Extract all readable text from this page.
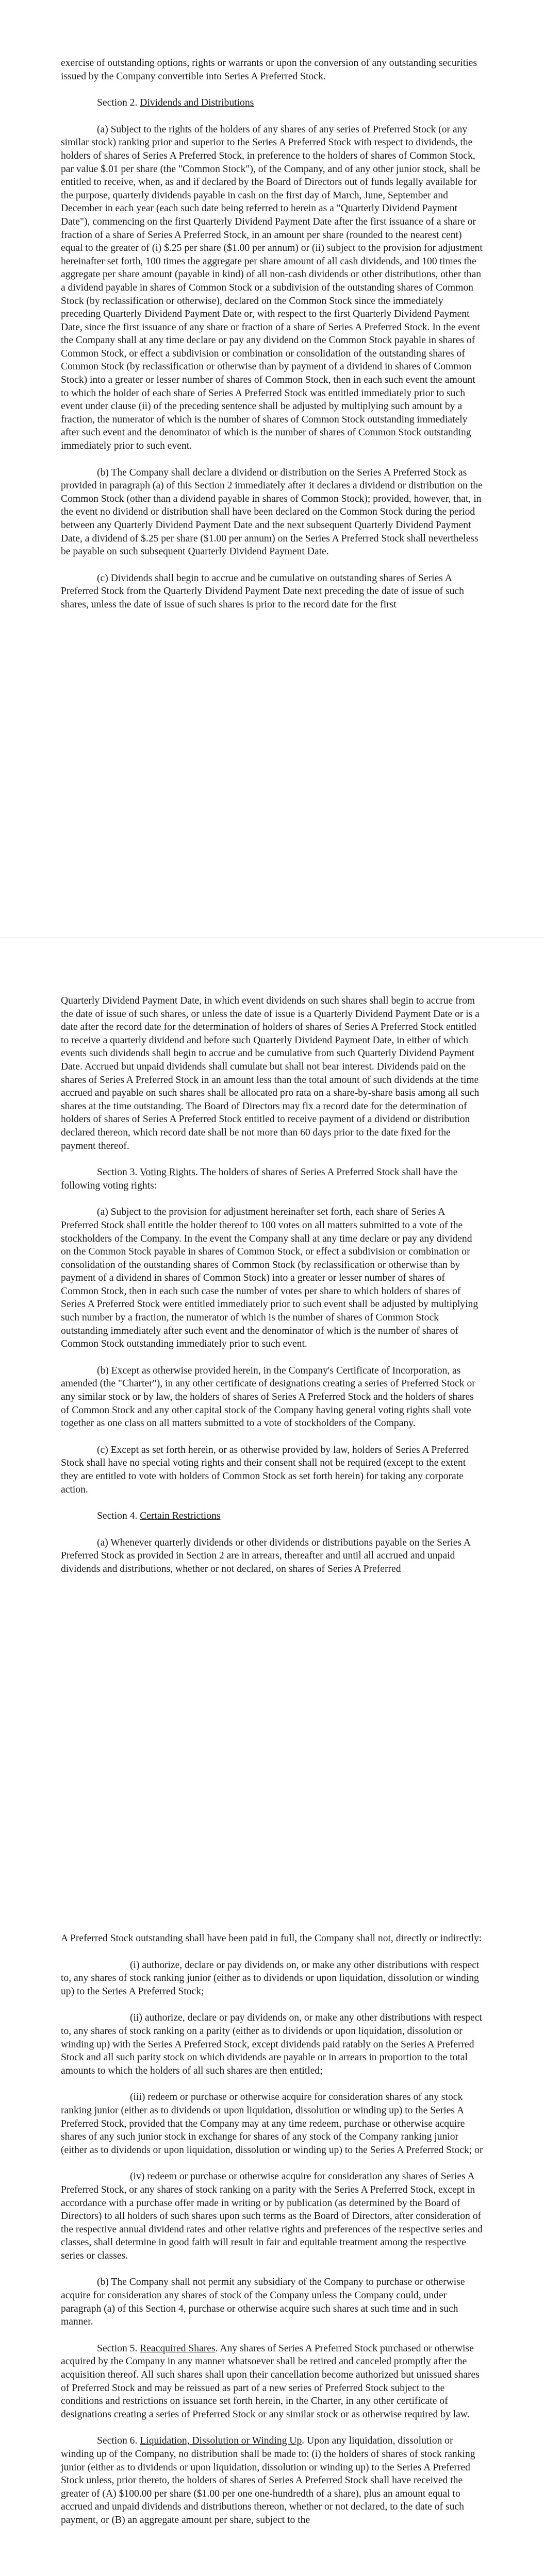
exercise of outstanding options, rights or warrants or upon the conversion of any outstanding securities issued by the Company convertible into Series A Preferred Stock.

Section 2. Dividends and Distributions

(a) Subject to the rights of the holders of any shares of any series of Preferred Stock (or any similar stock) ranking prior and superior to the Series A Preferred Stock with respect to dividends, the holders of shares of Series A Preferred Stock, in preference to the holders of shares of Common Stock, par value $.01 per share (the "Common Stock"), of the Company, and of any other junior stock, shall be entitled to receive, when, as and if declared by the Board of Directors out of funds legally available for the purpose, quarterly dividends payable in cash on the first day of March, June, September and December in each year (each such date being referred to herein as a "Quarterly Dividend Payment Date"), commencing on the first Quarterly Dividend Payment Date after the first issuance of a share or fraction of a share of Series A Preferred Stock, in an amount per share (rounded to the nearest cent) equal to the greater of (i) $.25 per share ($1.00 per annum) or (ii) subject to the provision for adjustment hereinafter set forth, 100 times the aggregate per share amount of all cash dividends, and 100 times the aggregate per share amount (payable in kind) of all non-cash dividends or other distributions, other than a dividend payable in shares of Common Stock or a subdivision of the outstanding shares of Common Stock (by reclassification or otherwise), declared on the Common Stock since the immediately preceding Quarterly Dividend Payment Date or, with respect to the first Quarterly Dividend Payment Date, since the first issuance of any share or fraction of a share of Series A Preferred Stock. In the event the Company shall at any time declare or pay any dividend on the Common Stock payable in shares of Common Stock, or effect a subdivision or combination or consolidation of the outstanding shares of Common Stock (by reclassification or otherwise than by payment of a dividend in shares of Common Stock) into a greater or lesser number of shares of Common Stock, then in each such event the amount to which the holder of each share of Series A Preferred Stock was entitled immediately prior to such event under clause (ii) of the preceding sentence shall be adjusted by multiplying such amount by a fraction, the numerator of which is the number of shares of Common Stock outstanding immediately after such event and the denominator of which is the number of shares of Common Stock outstanding immediately prior to such event.

(b) The Company shall declare a dividend or distribution on the Series A Preferred Stock as provided in paragraph (a) of this Section 2 immediately after it declares a dividend or distribution on the Common Stock (other than a dividend payable in shares of Common Stock); provided, however, that, in the event no dividend or distribution shall have been declared on the Common Stock during the period between any Quarterly Dividend Payment Date and the next subsequent Quarterly Dividend Payment Date, a dividend of $.25 per share ($1.00 per annum) on the Series A Preferred Stock shall nevertheless be payable on such subsequent Quarterly Dividend Payment Date.

(c) Dividends shall begin to accrue and be cumulative on outstanding shares of Series A Preferred Stock from the Quarterly Dividend Payment Date next preceding the date of issue of such shares, unless the date of issue of such shares is prior to the record date for the first

Quarterly Dividend Payment Date, in which event dividends on such shares shall begin to accrue from the date of issue of such shares, or unless the date of issue is a Quarterly Dividend Payment Date or is a date after the record date for the determination of holders of shares of Series A Preferred Stock entitled to receive a quarterly dividend and before such Quarterly Dividend Payment Date, in either of which events such dividends shall begin to accrue and be cumulative from such Quarterly Dividend Payment Date. Accrued but unpaid dividends shall cumulate but shall not bear interest. Dividends paid on the shares of Series A Preferred Stock in an amount less than the total amount of such dividends at the time accrued and payable on such shares shall be allocated pro rata on a share-by-share basis among all such shares at the time outstanding. The Board of Directors may fix a record date for the determination of holders of shares of Series A Preferred Stock entitled to receive payment of a dividend or distribution declared thereon, which record date shall be not more than 60 days prior to the date fixed for the payment thereof.

Section 3. Voting Rights. The holders of shares of Series A Preferred Stock shall have the following voting rights:

(a) Subject to the provision for adjustment hereinafter set forth, each share of Series A Preferred Stock shall entitle the holder thereof to 100 votes on all matters submitted to a vote of the stockholders of the Company. In the event the Company shall at any time declare or pay any dividend on the Common Stock payable in shares of Common Stock, or effect a subdivision or combination or consolidation of the outstanding shares of Common Stock (by reclassification or otherwise than by payment of a dividend in shares of Common Stock) into a greater or lesser number of shares of Common Stock, then in each such case the number of votes per share to which holders of shares of Series A Preferred Stock were entitled immediately prior to such event shall be adjusted by multiplying such number by a fraction, the numerator of which is the number of shares of Common Stock outstanding immediately after such event and the denominator of which is the number of shares of Common Stock outstanding immediately prior to such event.

(b) Except as otherwise provided herein, in the Company's Certificate of Incorporation, as amended (the "Charter"), in any other certificate of designations creating a series of Preferred Stock or any similar stock or by law, the holders of shares of Series A Preferred Stock and the holders of shares of Common Stock and any other capital stock of the Company having general voting rights shall vote together as one class on all matters submitted to a vote of stockholders of the Company.

(c) Except as set forth herein, or as otherwise provided by law, holders of Series A Preferred Stock shall have no special voting rights and their consent shall not be required (except to the extent they are entitled to vote with holders of Common Stock as set forth herein) for taking any corporate action.

Section 4. Certain Restrictions

(a) Whenever quarterly dividends or other dividends or distributions payable on the Series A Preferred Stock as provided in Section 2 are in arrears, thereafter and until all accrued and unpaid dividends and distributions, whether or not declared, on shares of Series A Preferred

A Preferred Stock outstanding shall have been paid in full, the Company shall not, directly or indirectly:

(i) authorize, declare or pay dividends on, or make any other distributions with respect to, any shares of stock ranking junior (either as to dividends or upon liquidation, dissolution or winding up) to the Series A Preferred Stock;

(ii) authorize, declare or pay dividends on, or make any other distributions with respect to, any shares of stock ranking on a parity (either as to dividends or upon liquidation, dissolution or winding up) with the Series A Preferred Stock, except dividends paid ratably on the Series A Preferred Stock and all such parity stock on which dividends are payable or in arrears in proportion to the total amounts to which the holders of all such shares are then entitled;

(iii) redeem or purchase or otherwise acquire for consideration shares of any stock ranking junior (either as to dividends or upon liquidation, dissolution or winding up) to the Series A Preferred Stock, provided that the Company may at any time redeem, purchase or otherwise acquire shares of any such junior stock in exchange for shares of any stock of the Company ranking junior (either as to dividends or upon liquidation, dissolution or winding up) to the Series A Preferred Stock; or

(iv) redeem or purchase or otherwise acquire for consideration any shares of Series A Preferred Stock, or any shares of stock ranking on a parity with the Series A Preferred Stock, except in accordance with a purchase offer made in writing or by publication (as determined by the Board of Directors) to all holders of such shares upon such terms as the Board of Directors, after consideration of the respective annual dividend rates and other relative rights and preferences of the respective series and classes, shall determine in good faith will result in fair and equitable treatment among the respective series or classes.

(b) The Company shall not permit any subsidiary of the Company to purchase or otherwise acquire for consideration any shares of stock of the Company unless the Company could, under paragraph (a) of this Section 4, purchase or otherwise acquire such shares at such time and in such manner.

Section 5. Reacquired Shares. Any shares of Series A Preferred Stock purchased or otherwise acquired by the Company in any manner whatsoever shall be retired and canceled promptly after the acquisition thereof. All such shares shall upon their cancellation become authorized but unissued shares of Preferred Stock and may be reissued as part of a new series of Preferred Stock subject to the conditions and restrictions on issuance set forth herein, in the Charter, in any other certificate of designations creating a series of Preferred Stock or any similar stock or as otherwise required by law.

Section 6. Liquidation, Dissolution or Winding Up. Upon any liquidation, dissolution or winding up of the Company, no distribution shall be made to: (i) the holders of shares of stock ranking junior (either as to dividends or upon liquidation, dissolution or winding up) to the Series A Preferred Stock unless, prior thereto, the holders of shares of Series A Preferred Stock shall have received the greater of (A) $100.00 per share ($1.00 per one one-hundredth of a share), plus an amount equal to accrued and unpaid dividends and distributions thereon, whether or not declared, to the date of such payment, or (B) an aggregate amount per share, subject to the
